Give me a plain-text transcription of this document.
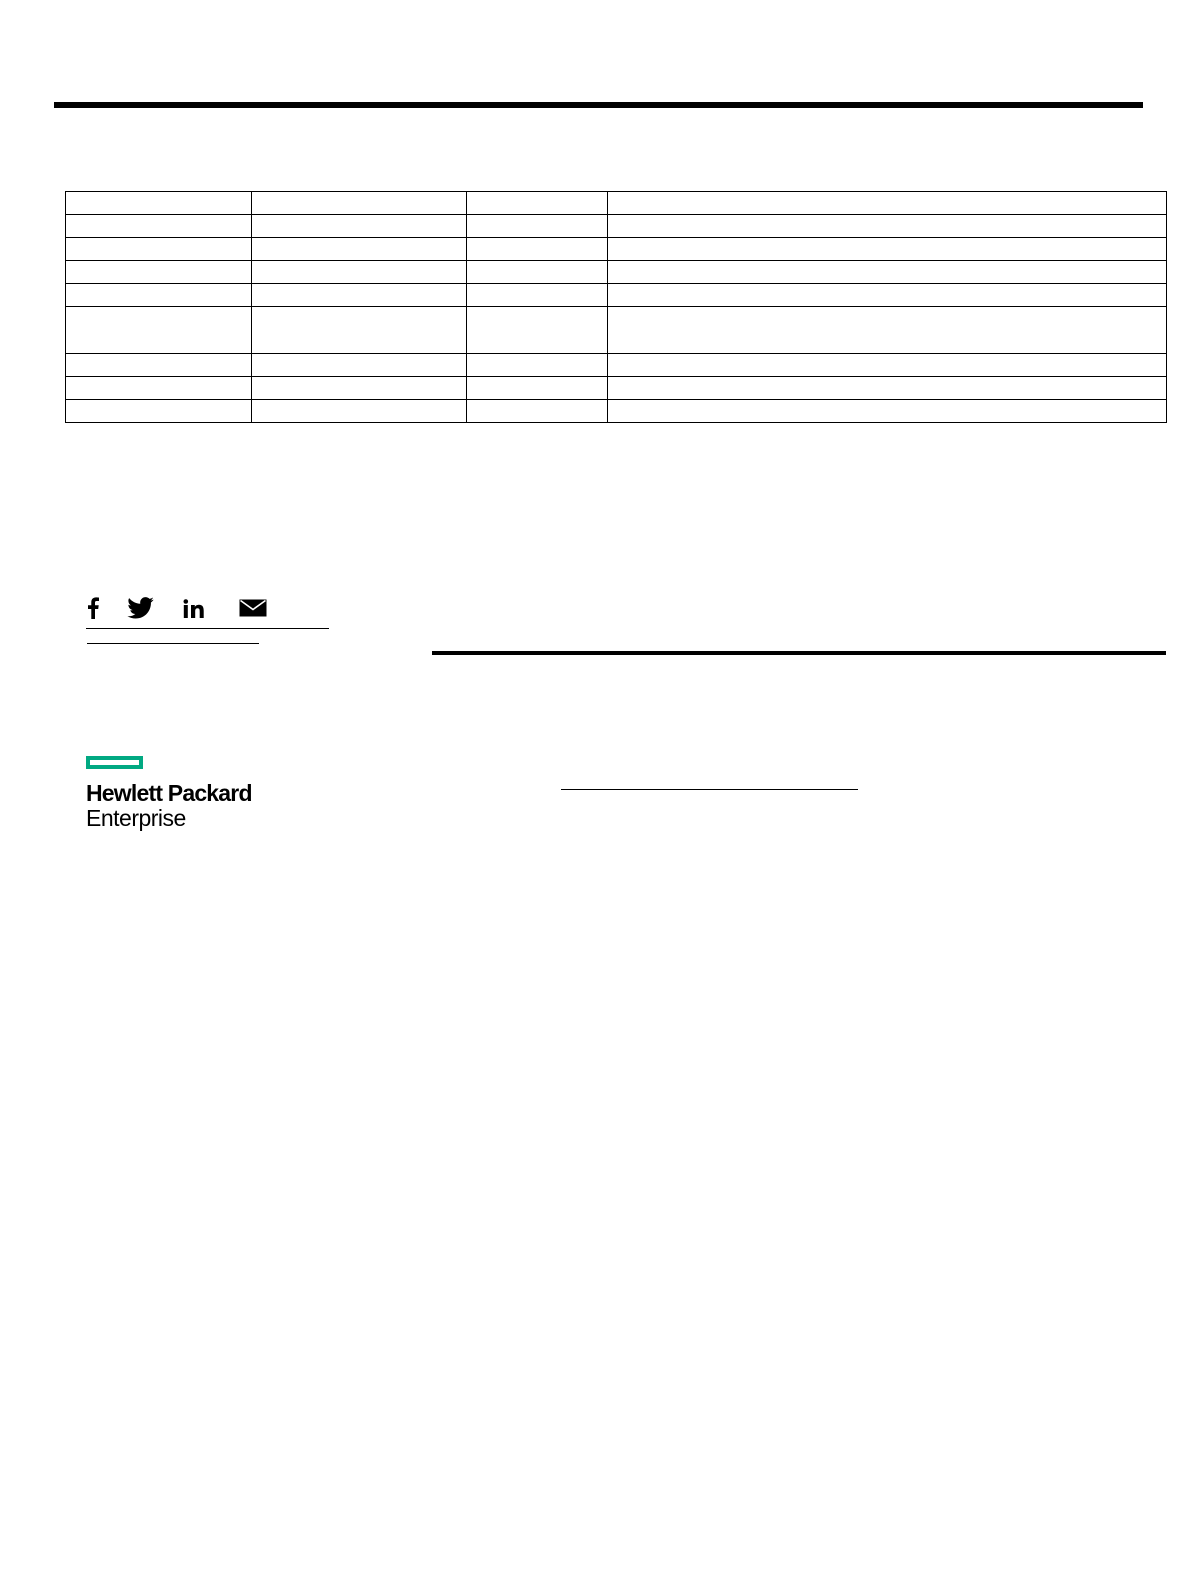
Hewlett Packard
Enterprise
